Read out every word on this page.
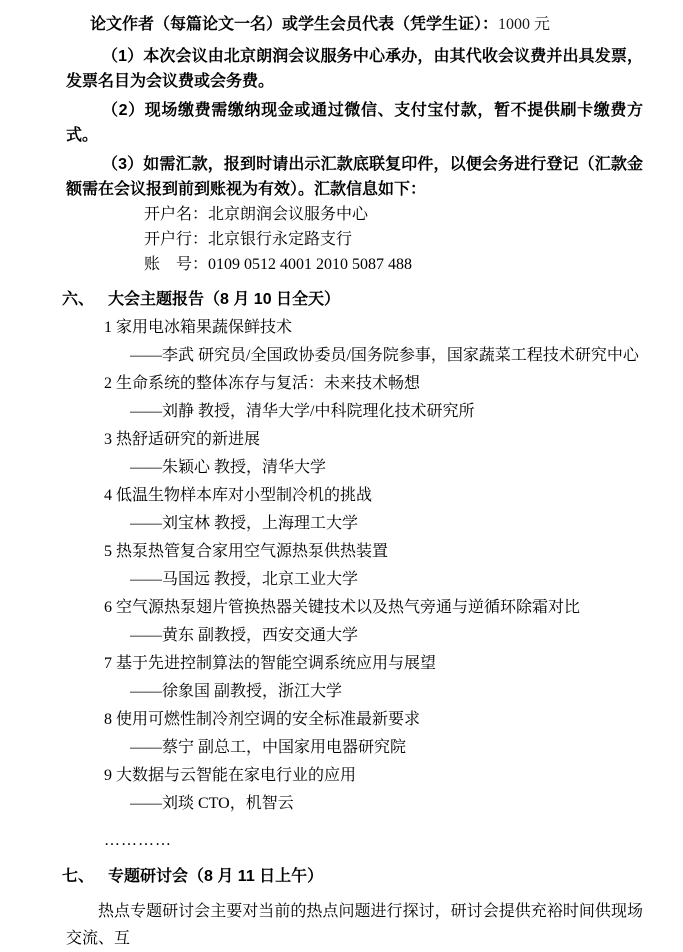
论文作者（每篇论文一名）或学生会员代表（凭学生证）：1000 元

（1）本次会议由北京朗润会议服务中心承办，由其代收会议费并出具发票，发票名目为会议费或会务费。

（2）现场缴费需缴纳现金或通过微信、支付宝付款，暂不提供刷卡缴费方式。

（3）如需汇款，报到时请出示汇款底联复印件，以便会务进行登记（汇款金额需在会议报到前到账视为有效）。汇款信息如下：

开户名：北京朗润会议服务中心

开户行：北京银行永定路支行

账　号：0109 0512 4001 2010 5087 488

六、 大会主题报告（8 月 10 日全天）

1 家用电冰箱果蔬保鲜技术

——李武 研究员/全国政协委员/国务院参事，国家蔬菜工程技术研究中心

2 生命系统的整体冻存与复活：未来技术畅想

——刘静 教授，清华大学/中科院理化技术研究所

3 热舒适研究的新进展

——朱颖心 教授，清华大学

4 低温生物样本库对小型制冷机的挑战

——刘宝林 教授，上海理工大学

5 热泵热管复合家用空气源热泵供热装置

——马国远 教授，北京工业大学

6 空气源热泵翅片管换热器关键技术以及热气旁通与逆循环除霜对比

——黄东 副教授，西安交通大学

7 基于先进控制算法的智能空调系统应用与展望

——徐象国 副教授，浙江大学

8 使用可燃性制冷剂空调的安全标准最新要求

——蔡宁 副总工，中国家用电器研究院

9 大数据与云智能在家电行业的应用

——刘琰 CTO，机智云

…………

七、 专题研讨会（8 月 11 日上午）

热点专题研讨会主要对当前的热点问题进行探讨，研讨会提供充裕时间供现场交流、互
